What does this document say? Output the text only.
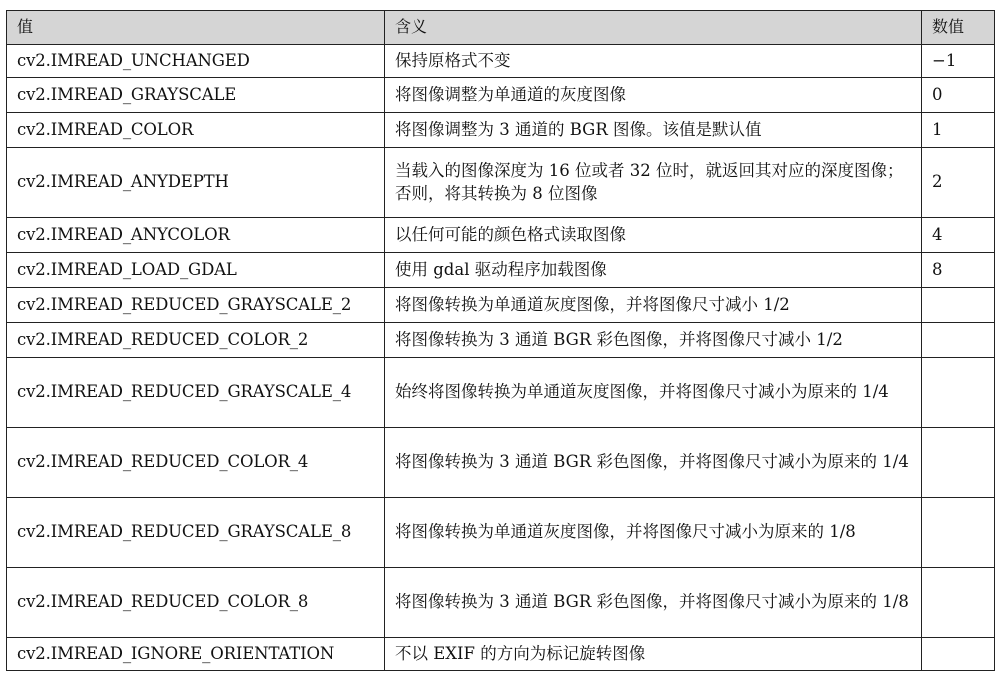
值	含义	数值
cv2.IMREAD_UNCHANGED	保持原格式不变	−1
cv2.IMREAD_GRAYSCALE	将图像调整为单通道的灰度图像	0
cv2.IMREAD_COLOR	将图像调整为 3 通道的 BGR 图像。该值是默认值	1
cv2.IMREAD_ANYDEPTH	当载入的图像深度为 16 位或者 32 位时，就返回其对应的深度图像；否则，将其转换为 8 位图像	2
cv2.IMREAD_ANYCOLOR	以任何可能的颜色格式读取图像	4
cv2.IMREAD_LOAD_GDAL	使用 gdal 驱动程序加载图像	8
cv2.IMREAD_REDUCED_GRAYSCALE_2	将图像转换为单通道灰度图像，并将图像尺寸减小 1/2	
cv2.IMREAD_REDUCED_COLOR_2	将图像转换为 3 通道 BGR 彩色图像，并将图像尺寸减小 1/2	
cv2.IMREAD_REDUCED_GRAYSCALE_4	始终将图像转换为单通道灰度图像，并将图像尺寸减小为原来的 1/4	
cv2.IMREAD_REDUCED_COLOR_4	将图像转换为 3 通道 BGR 彩色图像，并将图像尺寸减小为原来的 1/4	
cv2.IMREAD_REDUCED_GRAYSCALE_8	将图像转换为单通道灰度图像，并将图像尺寸减小为原来的 1/8	
cv2.IMREAD_REDUCED_COLOR_8	将图像转换为 3 通道 BGR 彩色图像，并将图像尺寸减小为原来的 1/8	
cv2.IMREAD_IGNORE_ORIENTATION	不以 EXIF 的方向为标记旋转图像	
